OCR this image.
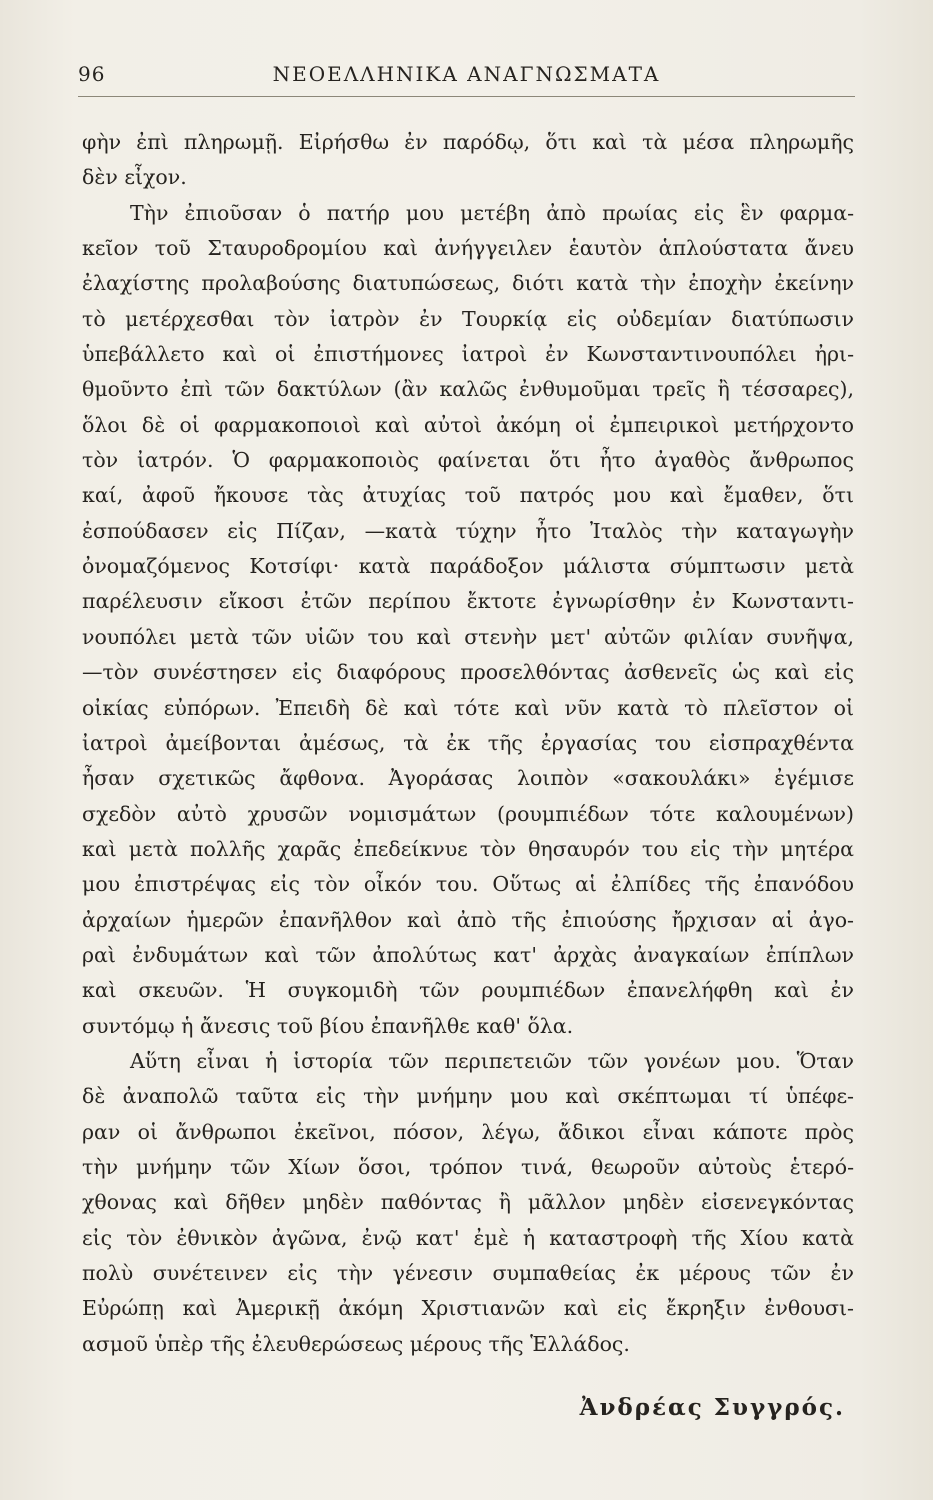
96	ΝΕΟΕΛΛΗΝΙΚΑ ΑΝΑΓΝΩΣΜΑΤΑ
φὴν ἐπὶ πληρωμῇ. Εἰρήσθω ἐν παρόδῳ, ὅτι καὶ τὰ μέσα πληρωμῆς
δὲν εἶχον.
Τὴν ἐπιοῦσαν ὁ πατήρ μου μετέβη ἀπὸ πρωίας εἰς ἓν φαρμα-
κεῖον τοῦ Σταυροδρομίου καὶ ἀνήγγειλεν ἑαυτὸν ἁπλούστατα ἄνευ
ἐλαχίστης προλαβούσης διατυπώσεως, διότι κατὰ τὴν ἐποχὴν ἐκείνην
τὸ μετέρχεσθαι τὸν ἰατρὸν ἐν Τουρκίᾳ εἰς οὐδεμίαν διατύπωσιν
ὑπεβάλλετο καὶ οἱ ἐπιστήμονες ἰατροὶ ἐν Κωνσταντινουπόλει ἠρι-
θμοῦντο ἐπὶ τῶν δακτύλων (ἂν καλῶς ἐνθυμοῦμαι τρεῖς ἢ τέσσαρες),
ὅλοι δὲ οἱ φαρμακοποιοὶ καὶ αὐτοὶ ἀκόμη οἱ ἐμπειρικοὶ μετήρχοντο
τὸν ἰατρόν. Ὁ φαρμακοποιὸς φαίνεται ὅτι ἦτο ἀγαθὸς ἄνθρωπος
καί, ἀφοῦ ἤκουσε τὰς ἀτυχίας τοῦ πατρός μου καὶ ἔμαθεν, ὅτι
ἐσπούδασεν εἰς Πίζαν, —κατὰ τύχην ἦτο Ἰταλὸς τὴν καταγωγὴν
ὀνομαζόμενος Κοτσίφι· κατὰ παράδοξον μάλιστα σύμπτωσιν μετὰ
παρέλευσιν εἴκοσι ἐτῶν περίπου ἔκτοτε ἐγνωρίσθην ἐν Κωνσταντι-
νουπόλει μετὰ τῶν υἱῶν του καὶ στενὴν μετ' αὐτῶν φιλίαν συνῆψα,
—τὸν συνέστησεν εἰς διαφόρους προσελθόντας ἀσθενεῖς ὡς καὶ εἰς
οἰκίας εὐπόρων. Ἐπειδὴ δὲ καὶ τότε καὶ νῦν κατὰ τὸ πλεῖστον οἱ
ἰατροὶ ἀμείβονται ἀμέσως, τὰ ἐκ τῆς ἐργασίας του εἰσπραχθέντα
ἦσαν σχετικῶς ἄφθονα. Ἀγοράσας λοιπὸν «σακουλάκι» ἐγέμισε
σχεδὸν αὐτὸ χρυσῶν νομισμάτων (ρουμπιέδων τότε καλουμένων)
καὶ μετὰ πολλῆς χαρᾶς ἐπεδείκνυε τὸν θησαυρόν του εἰς τὴν μητέρα
μου ἐπιστρέψας εἰς τὸν οἶκόν του. Οὕτως αἱ ἐλπίδες τῆς ἐπανόδου
ἀρχαίων ἡμερῶν ἐπανῆλθον καὶ ἀπὸ τῆς ἐπιούσης ἤρχισαν αἱ ἀγο-
ραὶ ἐνδυμάτων καὶ τῶν ἀπολύτως κατ' ἀρχὰς ἀναγκαίων ἐπίπλων
καὶ σκευῶν. Ἡ συγκομιδὴ τῶν ρουμπιέδων ἐπανελήφθη καὶ ἐν
συντόμῳ ἡ ἄνεσις τοῦ βίου ἐπανῆλθε καθ' ὅλα.
Αὕτη εἶναι ἡ ἱστορία τῶν περιπετειῶν τῶν γονέων μου. Ὅταν
δὲ ἀναπολῶ ταῦτα εἰς τὴν μνήμην μου καὶ σκέπτωμαι τί ὑπέφε-
ραν οἱ ἄνθρωποι ἐκεῖνοι, πόσον, λέγω, ἄδικοι εἶναι κάποτε πρὸς
τὴν μνήμην τῶν Χίων ὅσοι, τρόπον τινά, θεωροῦν αὐτοὺς ἑτερό-
χθονας καὶ δῆθεν μηδὲν παθόντας ἢ μᾶλλον μηδὲν εἰσενεγκόντας
εἰς τὸν ἐθνικὸν ἀγῶνα, ἐνῷ κατ' ἐμὲ ἡ καταστροφὴ τῆς Χίου κατὰ
πολὺ συνέτεινεν εἰς τὴν γένεσιν συμπαθείας ἐκ μέρους τῶν ἐν
Εὐρώπῃ καὶ Ἀμερικῇ ἀκόμη Χριστιανῶν καὶ εἰς ἔκρηξιν ἐνθουσι-
ασμοῦ ὑπὲρ τῆς ἐλευθερώσεως μέρους τῆς Ἑλλάδος.
Ἀνδρέας Συγγρός.
